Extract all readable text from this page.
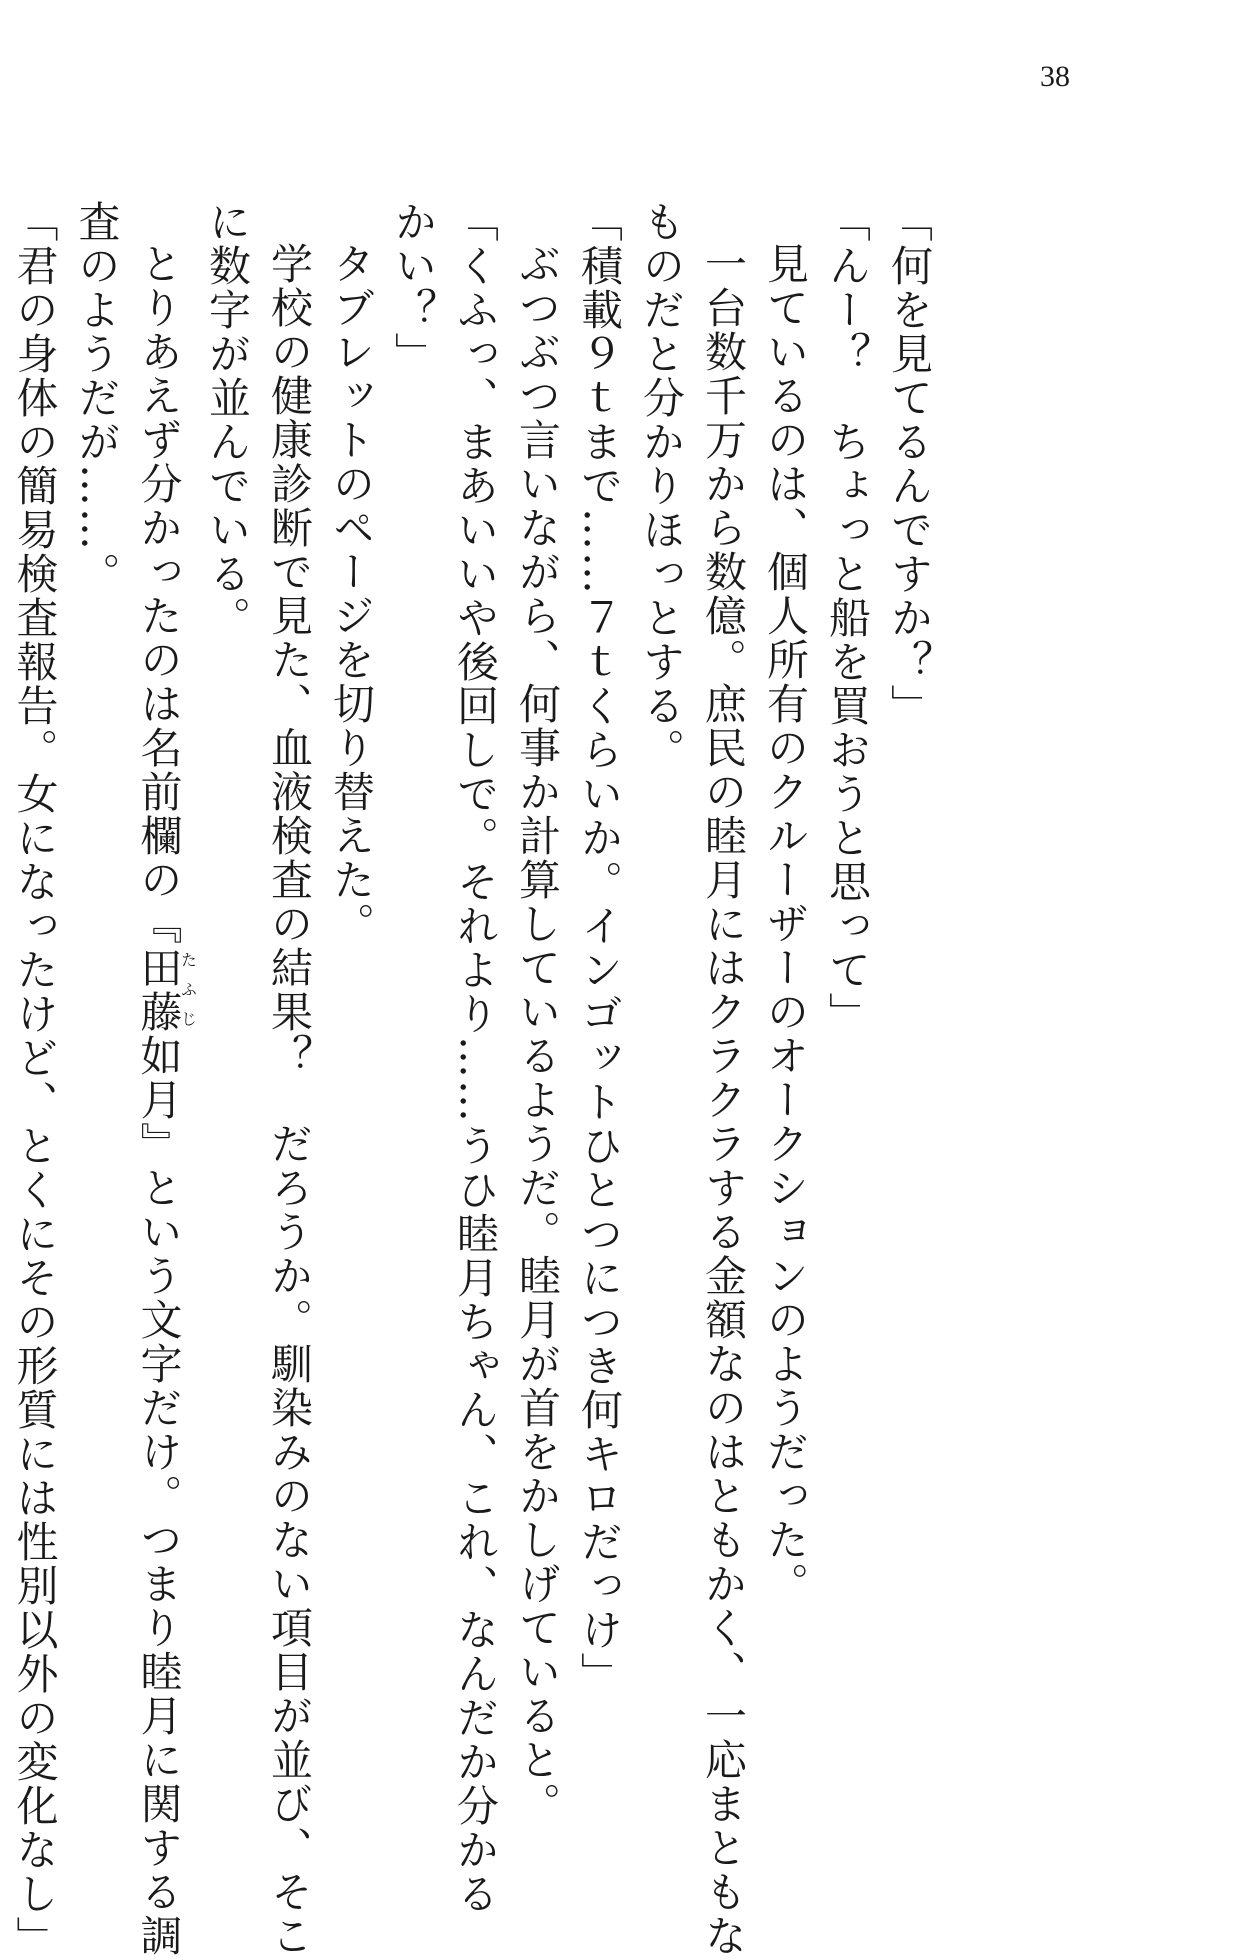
38
「何を見てるんですか？」
「んー？　ちょっと船を買おうと思って」
見ているのは、個人所有のクルーザーのオークションのようだった。
一台数千万から数億。庶民の睦月にはクラクラする金額なのはともかく、一応まともな
ものだと分かりほっとする。
「積載９ｔまで……７ｔくらいか。インゴットひとつにつき何キロだっけ」
ぶつぶつ言いながら、何事か計算しているようだ。睦月が首をかしげていると。
「くふっ、まあいいや後回しで。それより……うひ睦月ちゃん、これ、なんだか分かる
かい？」
タブレットのページを切り替えた。
学校の健康診断で見た、血液検査の結果？　だろうか。馴染みのない項目が並び、そこ
に数字が並んでいる。
とりあえず分かったのは名前欄の『田藤たふじ如月』という文字だけ。つまり睦月に関する調
査のようだが……。
「君の身体の簡易検査報告。女になったけど、とくにその形質には性別以外の変化なし」
